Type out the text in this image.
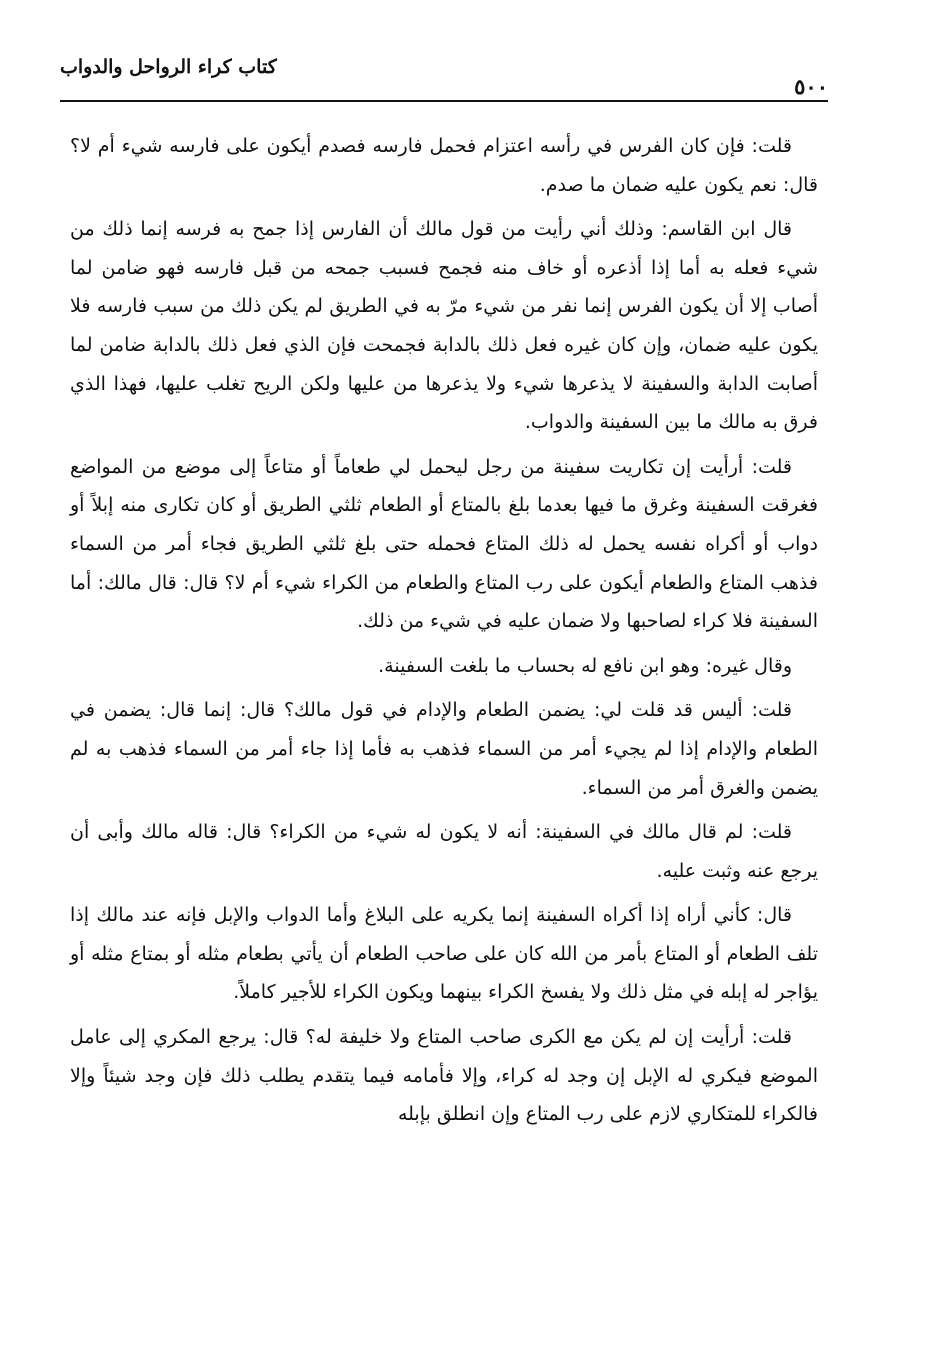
كتاب كراء الرواحل والدواب
٥٠٠

قلت: فإن كان الفرس في رأسه اعتزام فحمل فارسه فصدم أيكون على فارسه شيء أم لا؟ قال: نعم يكون عليه ضمان ما صدم.

قال ابن القاسم: وذلك أني رأيت من قول مالك أن الفارس إذا جمح به فرسه إنما ذلك من شيء فعله به أما إذا أذعره أو خاف منه فجمح فسبب جمحه من قبل فارسه فهو ضامن لما أصاب إلا أن يكون الفرس إنما نفر من شيء مرّ به في الطريق لم يكن ذلك من سبب فارسه فلا يكون عليه ضمان، وإن كان غيره فعل ذلك بالدابة فجمحت فإن الذي فعل ذلك بالدابة ضامن لما أصابت الدابة والسفينة لا يذعرها شيء ولا يذعرها من عليها ولكن الريح تغلب عليها، فهذا الذي فرق به مالك ما بين السفينة والدواب.

قلت: أرأيت إن تكاريت سفينة من رجل ليحمل لي طعاماً أو متاعاً إلى موضع من المواضع فغرقت السفينة وغرق ما فيها بعدما بلغ بالمتاع أو الطعام ثلثي الطريق أو كان تكارى منه إبلاً أو دواب أو أكراه نفسه يحمل له ذلك المتاع فحمله حتى بلغ ثلثي الطريق فجاء أمر من السماء فذهب المتاع والطعام أيكون على رب المتاع والطعام من الكراء شيء أم لا؟ قال: قال مالك: أما السفينة فلا كراء لصاحبها ولا ضمان عليه في شيء من ذلك.

وقال غيره: وهو ابن نافع له بحساب ما بلغت السفينة.

قلت: أليس قد قلت لي: يضمن الطعام والإدام في قول مالك؟ قال: إنما قال: يضمن في الطعام والإدام إذا لم يجيء أمر من السماء فذهب به فأما إذا جاء أمر من السماء فذهب به لم يضمن والغرق أمر من السماء.

قلت: لم قال مالك في السفينة: أنه لا يكون له شيء من الكراء؟ قال: قاله مالك وأبى أن يرجع عنه وثبت عليه.

قال: كأني أراه إذا أكراه السفينة إنما يكريه على البلاغ وأما الدواب والإبل فإنه عند مالك إذا تلف الطعام أو المتاع بأمر من الله كان على صاحب الطعام أن يأتي بطعام مثله أو بمتاع مثله أو يؤاجر له إبله في مثل ذلك ولا يفسخ الكراء بينهما ويكون الكراء للأجير كاملاً.

قلت: أرأيت إن لم يكن مع الكرى صاحب المتاع ولا خليفة له؟ قال: يرجع المكري إلى عامل الموضع فيكري له الإبل إن وجد له كراء، وإلا فأمامه فيما يتقدم يطلب ذلك فإن وجد شيئاً وإلا فالكراء للمتكاري لازم على رب المتاع وإن انطلق بإبله
